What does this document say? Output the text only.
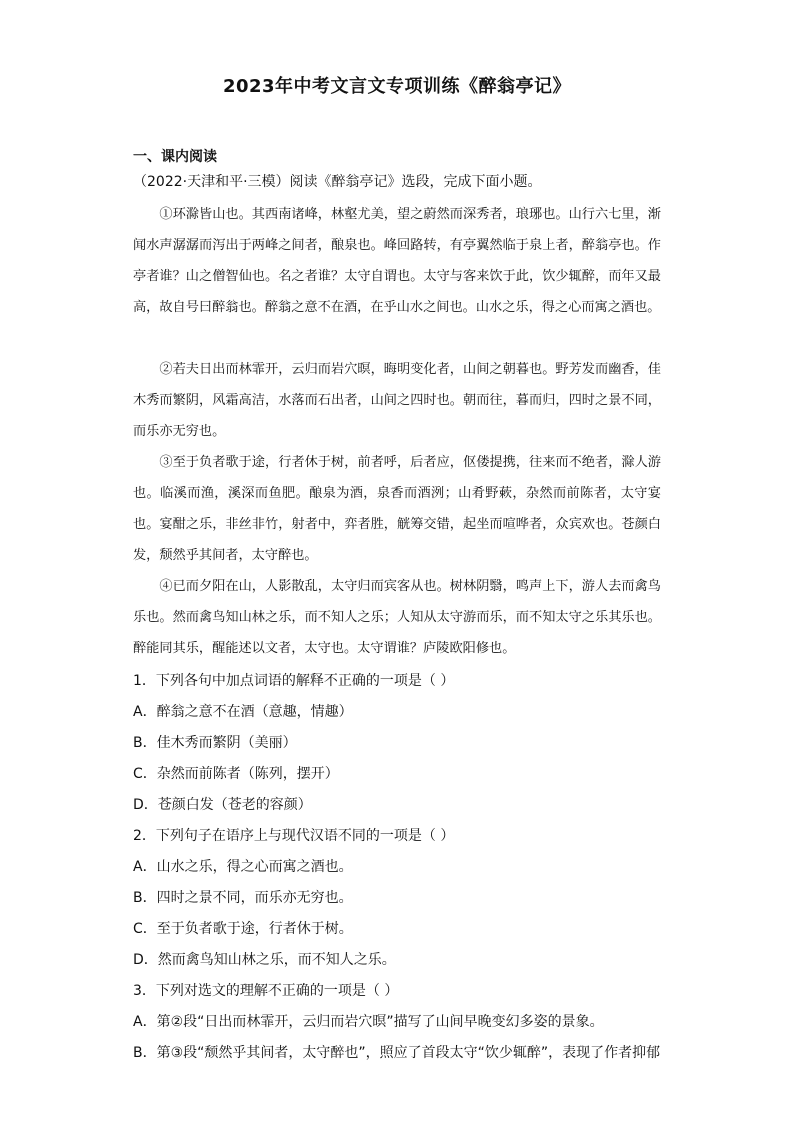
2023年中考文言文专项训练《醉翁亭记》
一、课内阅读
（2022·天津和平·三模）阅读《醉翁亭记》选段，完成下面小题。
①环滁皆山也。其西南诸峰，林壑尤美，望之蔚然而深秀者，琅琊也。山行六七里，渐闻水声潺潺而泻出于两峰之间者，酿泉也。峰回路转，有亭翼然临于泉上者，醉翁亭也。作亭者谁？山之僧智仙也。名之者谁？太守自谓也。太守与客来饮于此，饮少辄醉，而年又最高，故自号曰醉翁也。醉翁之意不在酒，在乎山水之间也。山水之乐，得之心而寓之酒也。
②若夫日出而林霏开，云归而岩穴暝，晦明变化者，山间之朝暮也。野芳发而幽香，佳木秀而繁阴，风霜高洁，水落而石出者，山间之四时也。朝而往，暮而归，四时之景不同，而乐亦无穷也。
③至于负者歌于途，行者休于树，前者呼，后者应，伛偻提携，往来而不绝者，滁人游也。临溪而渔，溪深而鱼肥。酿泉为酒，泉香而酒洌；山肴野蔌，杂然而前陈者，太守宴也。宴酣之乐，非丝非竹，射者中，弈者胜，觥筹交错，起坐而喧哗者，众宾欢也。苍颜白发，颓然乎其间者，太守醉也。
④已而夕阳在山，人影散乱，太守归而宾客从也。树林阴翳，鸣声上下，游人去而禽鸟乐也。然而禽鸟知山林之乐，而不知人之乐；人知从太守游而乐，而不知太守之乐其乐也。醉能同其乐，醒能述以文者，太守也。太守谓谁？庐陵欧阳修也。
1．下列各句中加点词语的解释不正确的一项是（ ）
A．醉翁之意不在酒（意趣，情趣）
B．佳木秀而繁阴（美丽）
C．杂然而前陈者（陈列，摆开）
D．苍颜白发（苍老的容颜）
2．下列句子在语序上与现代汉语不同的一项是（ ）
A．山水之乐，得之心而寓之酒也。
B．四时之景不同，而乐亦无穷也。
C．至于负者歌于途，行者休于树。
D．然而禽鸟知山林之乐，而不知人之乐。
3．下列对选文的理解不正确的一项是（ ）
A．第②段“日出而林霏开，云归而岩穴暝”描写了山间早晚变幻多姿的景象。
B．第③段“颓然乎其间者，太守醉也”，照应了首段太守“饮少辄醉”，表现了作者抑郁
